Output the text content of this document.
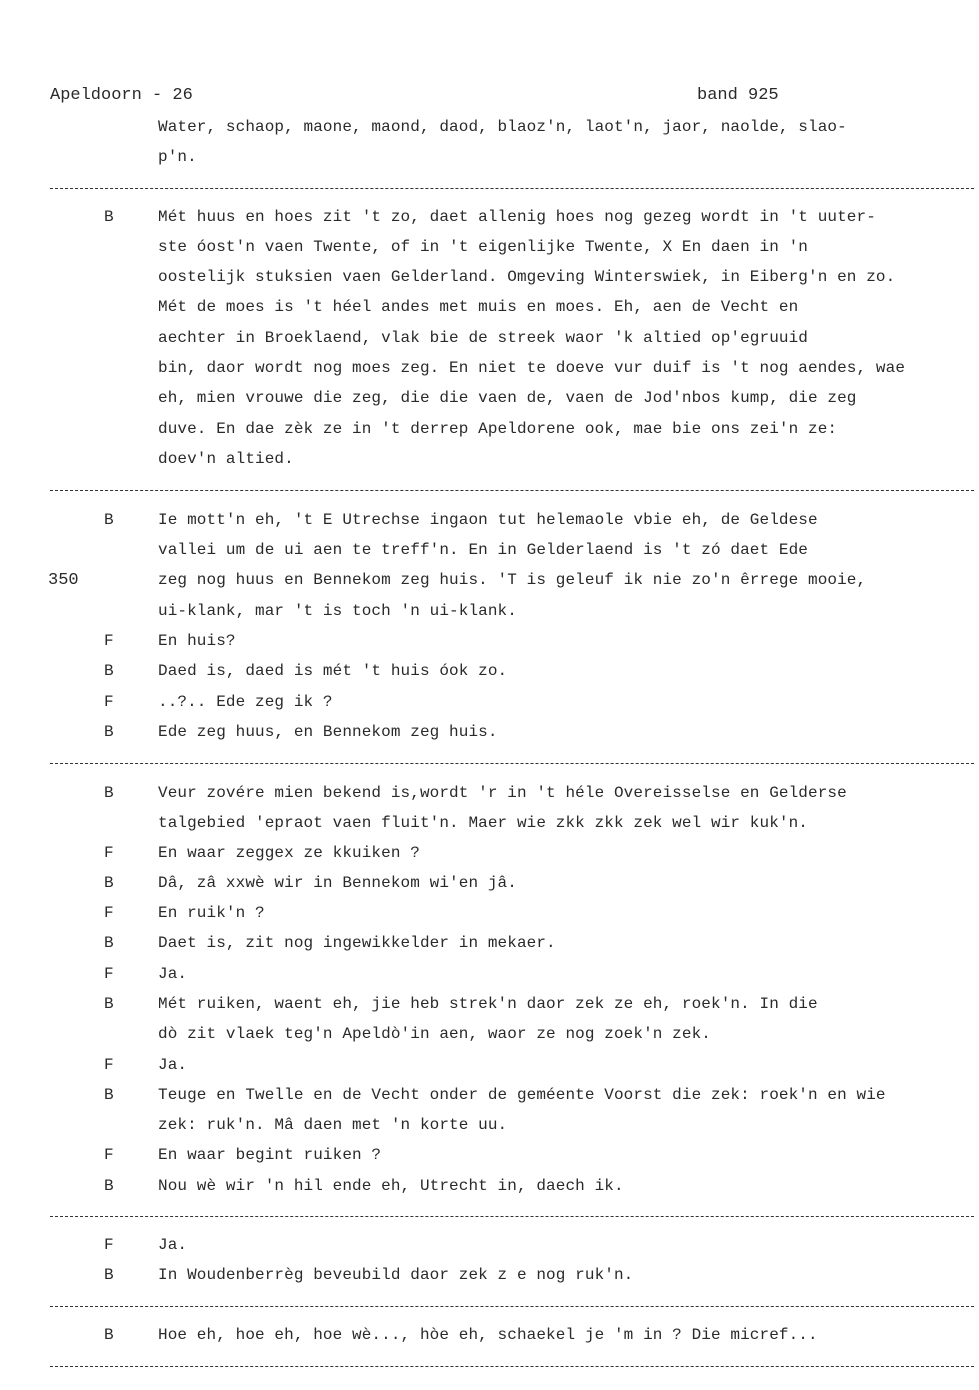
Apeldoorn - 26	band 925
Water, schaop, maone, maond, daod, blaoz'n, laot'n, jaor, naolde, slao-
p'n.
B	Mét huus en hoes zit 't zo, daet allenig hoes nog gezeg wordt in 't uuter-
ste óost'n vaen Twente, of in 't eigenlijke Twente, X En daen in 'n
oostelijk stuksien vaen Gelderland. Omgeving Winterswiek, in Eiberg'n en zo.
Mét de moes is 't héel andes met muis en moes. Eh, aen de Vecht en
aechter in Broeklaend, vlak bie de streek waor 'k altied op'egruuid
bin, daor wordt nog moes zeg. En niet te doeve vur duif is 't nog aendes, wae
eh, mien vrouwe die zeg, die die vaen de, vaen de Jod'nbos kump, die zeg
duve. En dae zèk ze in 't derrep Apeldorene ook, mae bie ons zei'n ze:
doev'n altied.
B	Ie mott'n eh, 't E Utrechse ingaon tut helemaole vbie eh, de Geldese
vallei um de ui aen te treff'n. En in Gelderlaend is 't zó daet Ede
350	zeg nog huus en Bennekom zeg huis. 'T is geleuf ik nie zo'n êrrege mooie,
ui-klank, mar 't is toch 'n ui-klank.
F	En huis?
B	Daed is, daed is mét 't huis óok zo.
F	..?.. Ede zeg ik ?
B	Ede zeg huus, en Bennekom zeg huis.
B	Veur zovére mien bekend is,wordt 'r in 't héle Overeisselse en Gelderse
talgebied 'epraot vaen fluit'n. Maer wie zkk zkk zek wel wir kuk'n.
F	En waar zeggex ze kkuiken ?
B	Dâ, zâ xxwè wir in Bennekom wi'en jâ.
F	En ruik'n ?
B	Daet is, zit nog ingewikkelder in mekaer.
F	Ja.
B	Mét ruiken, waent eh, jie heb strek'n daor zek ze eh, roek'n. In die
dò zit vlaek teg'n Apeldò'in aen, waor ze nog zoek'n zek.
F	Ja.
B	Teuge en Twelle en de Vecht onder de geméente Voorst die zek: roek'n en wie
zek: ruk'n. Mâ daen met 'n korte uu.
F	En waar begint ruiken ?
B	Nou wè wir 'n hil ende eh, Utrecht in, daech ik.
F	Ja.
B	In Woudenberrèg beveubild daor zek z e nog ruk'n.
B	Hoe eh, hoe eh, hoe wè..., hòe eh, schaekel je 'm in ? Die micref...
